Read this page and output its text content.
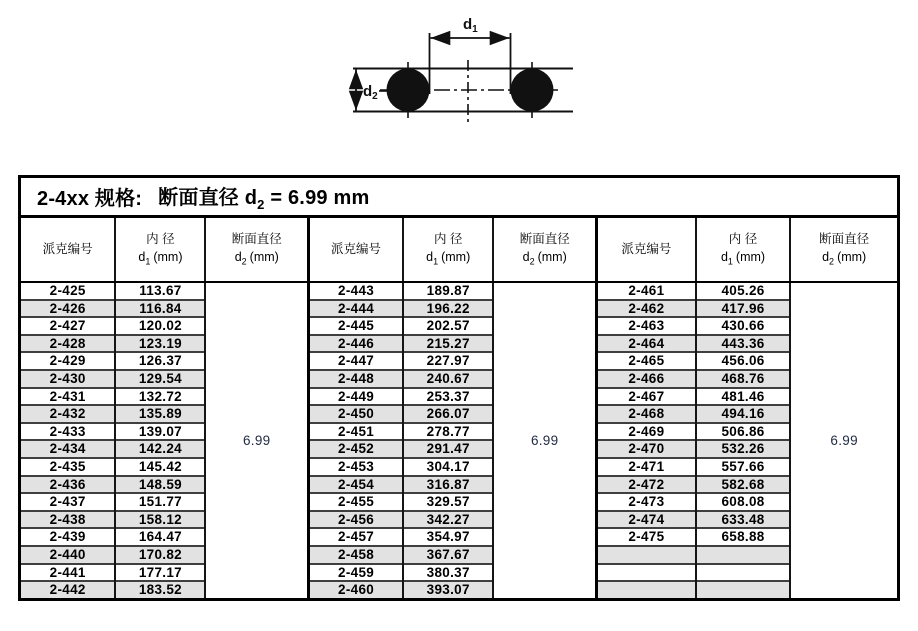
$d_1$
$d_2$
2-4xx 规格: 断面直径 $d_2 = 6.99$ mm
派克编号	
内 径
$d_1$ (mm)

断面直径
$d_2$ (mm)

2-425	113.67	6.99
2-426	116.84	
2-427	120.02	
2-428	123.19	
2-429	126.37	
2-430	129.54	
2-431	132.72	
2-432	135.89	
2-433	139.07	
2-434	142.24	
2-435	145.42	
2-436	148.59	
2-437	151.77	
2-438	158.12	
2-439	164.47	
2-440	170.82	
2-441	177.17	
2-442	183.52	
派克编号	
内 径
$d_1$ (mm)

断面直径
$d_2$ (mm)

2-443	189.87	6.99
2-444	196.22	
2-445	202.57	
2-446	215.27	
2-447	227.97	
2-448	240.67	
2-449	253.37	
2-450	266.07	
2-451	278.77	
2-452	291.47	
2-453	304.17	
2-454	316.87	
2-455	329.57	
2-456	342.27	
2-457	354.97	
2-458	367.67	
2-459	380.37	
2-460	393.07	
派克编号	
内 径
$d_1$ (mm)

断面直径
$d_2$ (mm)

2-461	405.26	6.99
2-462	417.96	
2-463	430.66	
2-464	443.36	
2-465	456.06	
2-466	468.76	
2-467	481.46	
2-468	494.16	
2-469	506.86	
2-470	532.26	
2-471	557.66	
2-472	582.68	
2-473	608.08	
2-474	633.48	
2-475	658.88	
